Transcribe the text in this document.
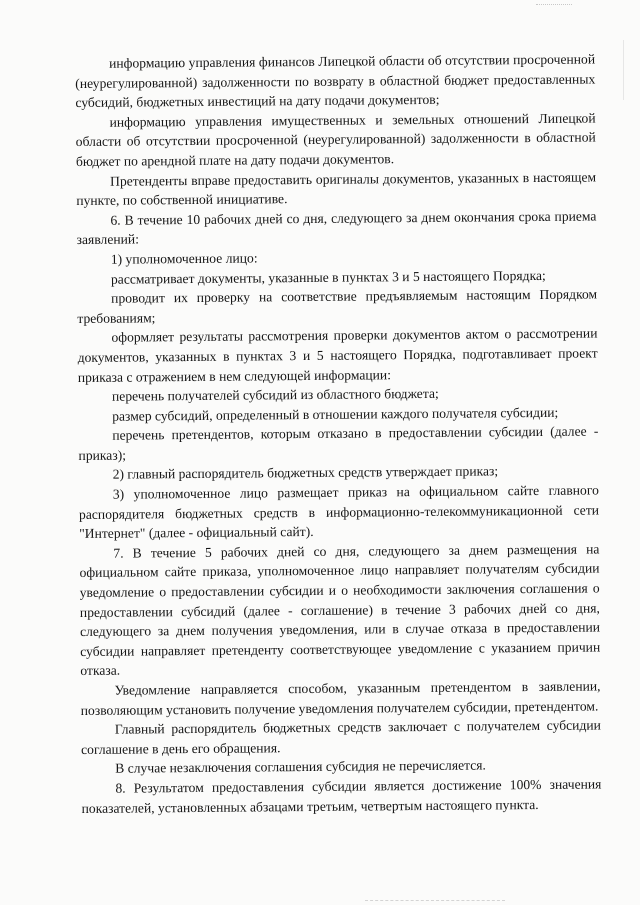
информацию управления финансов Липецкой области об отсутствии просроченной (неурегулированной) задолженности по возврату в областной бюджет предоставленных субсидий, бюджетных инвестиций на дату подачи документов;

информацию управления имущественных и земельных отношений Липецкой области об отсутствии просроченной (неурегулированной) задолженности в областной бюджет по арендной плате на дату подачи документов.

Претенденты вправе предоставить оригиналы документов, указанных в настоящем пункте, по собственной инициативе.

6. В течение 10 рабочих дней со дня, следующего за днем окончания срока приема заявлений:

1) уполномоченное лицо:

рассматривает документы, указанные в пунктах 3 и 5 настоящего Порядка;

проводит их проверку на соответствие предъявляемым настоящим Порядком требованиям;

оформляет результаты рассмотрения проверки документов актом о рассмотрении документов, указанных в пунктах 3 и 5 настоящего Порядка, подготавливает проект приказа с отражением в нем следующей информации:

перечень получателей субсидий из областного бюджета;

размер субсидий, определенный в отношении каждого получателя субсидии;

перечень претендентов, которым отказано в предоставлении субсидии (далее - приказ);

2) главный распорядитель бюджетных средств утверждает приказ;

3) уполномоченное лицо размещает приказ на официальном сайте главного распорядителя бюджетных средств в информационно-телекоммуникационной сети "Интернет" (далее - официальный сайт).

7. В течение 5 рабочих дней со дня, следующего за днем размещения на официальном сайте приказа, уполномоченное лицо направляет получателям субсидии уведомление о предоставлении субсидии и о необходимости заключения соглашения о предоставлении субсидий (далее - соглашение) в течение 3 рабочих дней со дня, следующего за днем получения уведомления, или в случае отказа в предоставлении субсидии направляет претенденту соответствующее уведомление с указанием причин отказа.

Уведомление направляется способом, указанным претендентом в заявлении, позволяющим установить получение уведомления получателем субсидии, претендентом.

Главный распорядитель бюджетных средств заключает с получателем субсидии соглашение в день его обращения.

В случае незаключения соглашения субсидия не перечисляется.

8. Результатом предоставления субсидии является достижение 100% значения показателей, установленных абзацами третьим, четвертым настоящего пункта.
